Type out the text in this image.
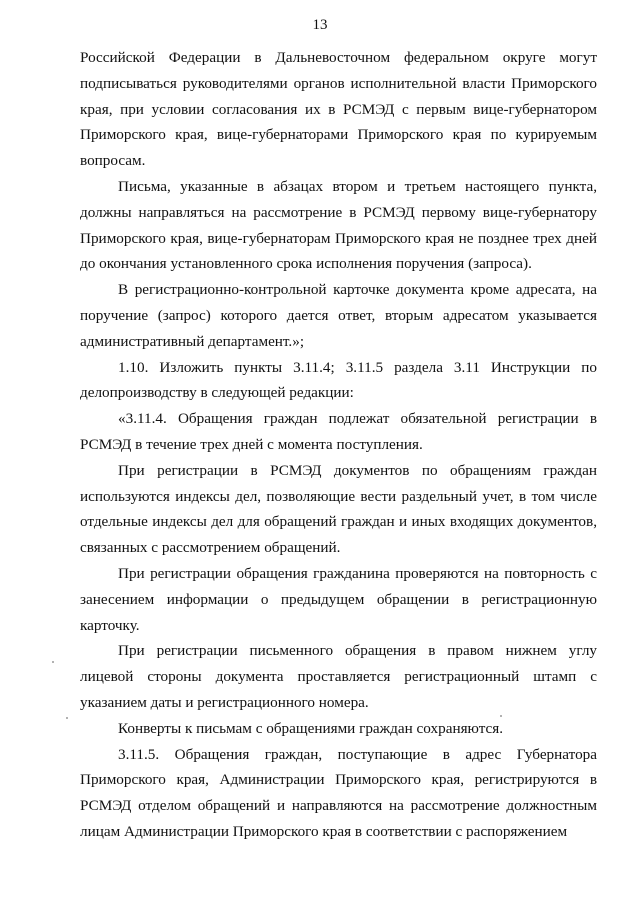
13

Российской Федерации в Дальневосточном федеральном округе могут подписываться руководителями органов исполнительной власти Приморского края, при условии согласования их в РСМЭД с первым вице-губернатором Приморского края, вице-губернаторами Приморского края по курируемым вопросам.

Письма, указанные в абзацах втором и третьем настоящего пункта, должны направляться на рассмотрение в РСМЭД первому вице-губернатору Приморского края, вице-губернаторам Приморского края не позднее трех дней до окончания установленного срока исполнения поручения (запроса).

В регистрационно-контрольной карточке документа кроме адресата, на поручение (запрос) которого дается ответ, вторым адресатом указывается административный департамент.»;

1.10. Изложить пункты 3.11.4; 3.11.5 раздела 3.11 Инструкции по делопроизводству в следующей редакции:

«3.11.4. Обращения граждан подлежат обязательной регистрации в РСМЭД в течение трех дней с момента поступления.

При регистрации в РСМЭД документов по обращениям граждан используются индексы дел, позволяющие вести раздельный учет, в том числе отдельные индексы дел для обращений граждан и иных входящих документов, связанных с рассмотрением обращений.

При регистрации обращения гражданина проверяются на повторность с занесением информации о предыдущем обращении в регистрационную карточку.

При регистрации письменного обращения в правом нижнем углу лицевой стороны документа проставляется регистрационный штамп с указанием даты и регистрационного номера.

Конверты к письмам с обращениями граждан сохраняются.

3.11.5. Обращения граждан, поступающие в адрес Губернатора Приморского края, Администрации Приморского края, регистрируются в РСМЭД отделом обращений и направляются на рассмотрение должностным лицам Администрации Приморского края в соответствии с распоряжением
